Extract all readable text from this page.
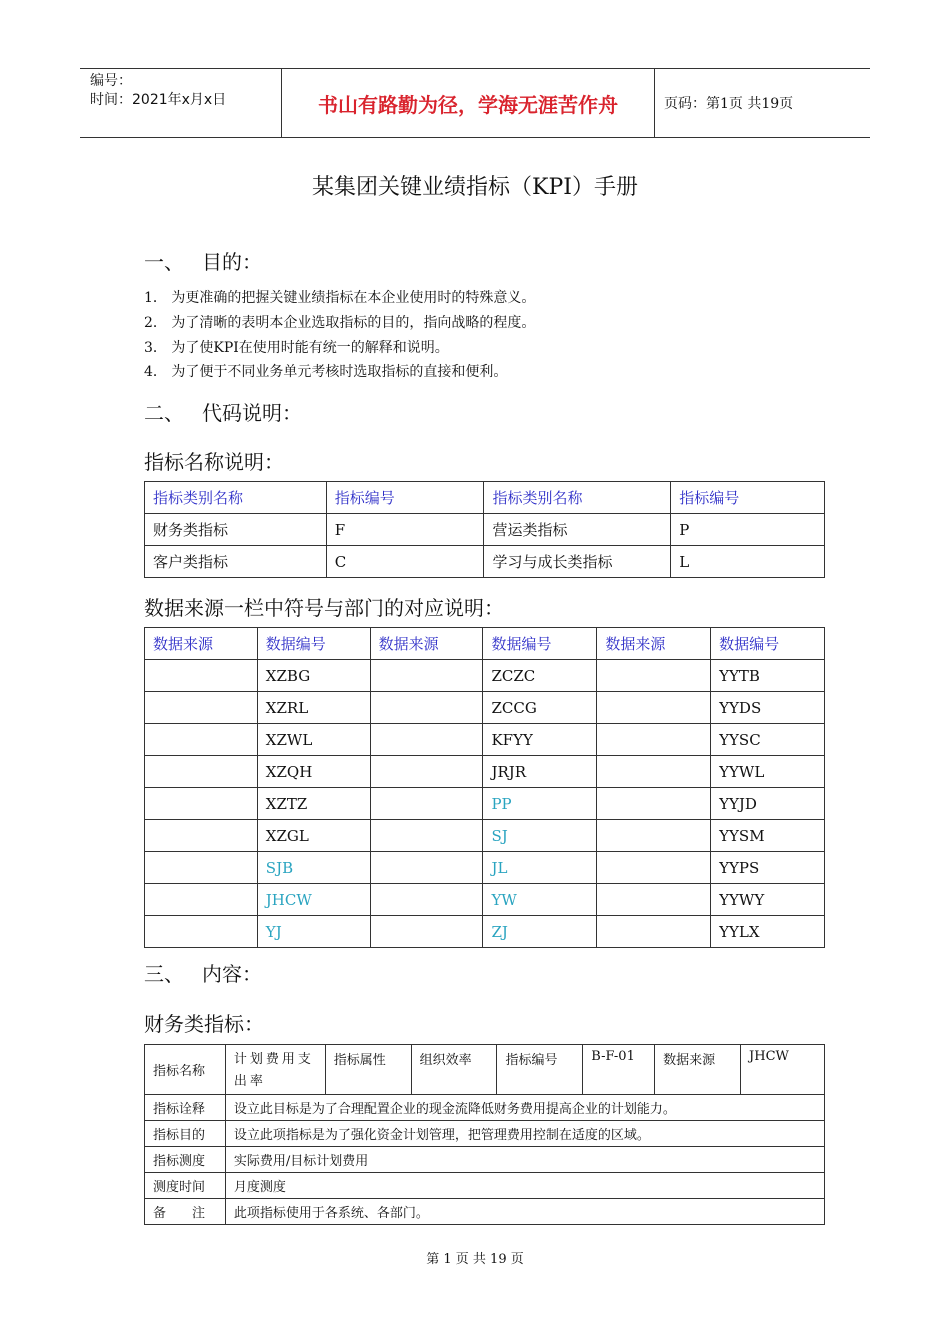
编号：
时间：2021年x月x日	书山有路勤为径，学海无涯苦作舟	页码：第1页 共19页
某集团关键业绩指标（KPI）手册
一、 目的：
1． 为更准确的把握关键业绩指标在本企业使用时的特殊意义。
2． 为了清晰的表明本企业选取指标的目的，指向战略的程度。
3． 为了使KPI在使用时能有统一的解释和说明。
4． 为了便于不同业务单元考核时选取指标的直接和便利。
二、 代码说明：
指标名称说明：
指标类别名称	指标编号	指标类别名称	指标编号
财务类指标	F	营运类指标	P
客户类指标	C	学习与成长类指标	L
数据来源一栏中符号与部门的对应说明：
数据来源	数据编号	数据来源	数据编号	数据来源	数据编号
	XZBG		ZCZC		YYTB
	XZRL		ZCCG		YYDS
	XZWL		KFYY		YYSC
	XZQH		JRJR		YYWL
	XZTZ		PP		YYJD
	XZGL		SJ		YYSM
	SJB		JL		YYPS
	JHCW		YW		YYWY
	YJ		ZJ		YYLX
三、 内容：
财务类指标：
指标名称	计划费用支出率	指标属性	组织效率	指标编号	B-F-01	数据来源	JHCW
指标诠释	设立此目标是为了合理配置企业的现金流降低财务费用提高企业的计划能力。						
指标目的	设立此项指标是为了强化资金计划管理，把管理费用控制在适度的区域。						
指标测度	实际费用/目标计划费用						
测度时间	月度测度						
备　　注	此项指标使用于各系统、各部门。						
第 1 页 共 19 页
